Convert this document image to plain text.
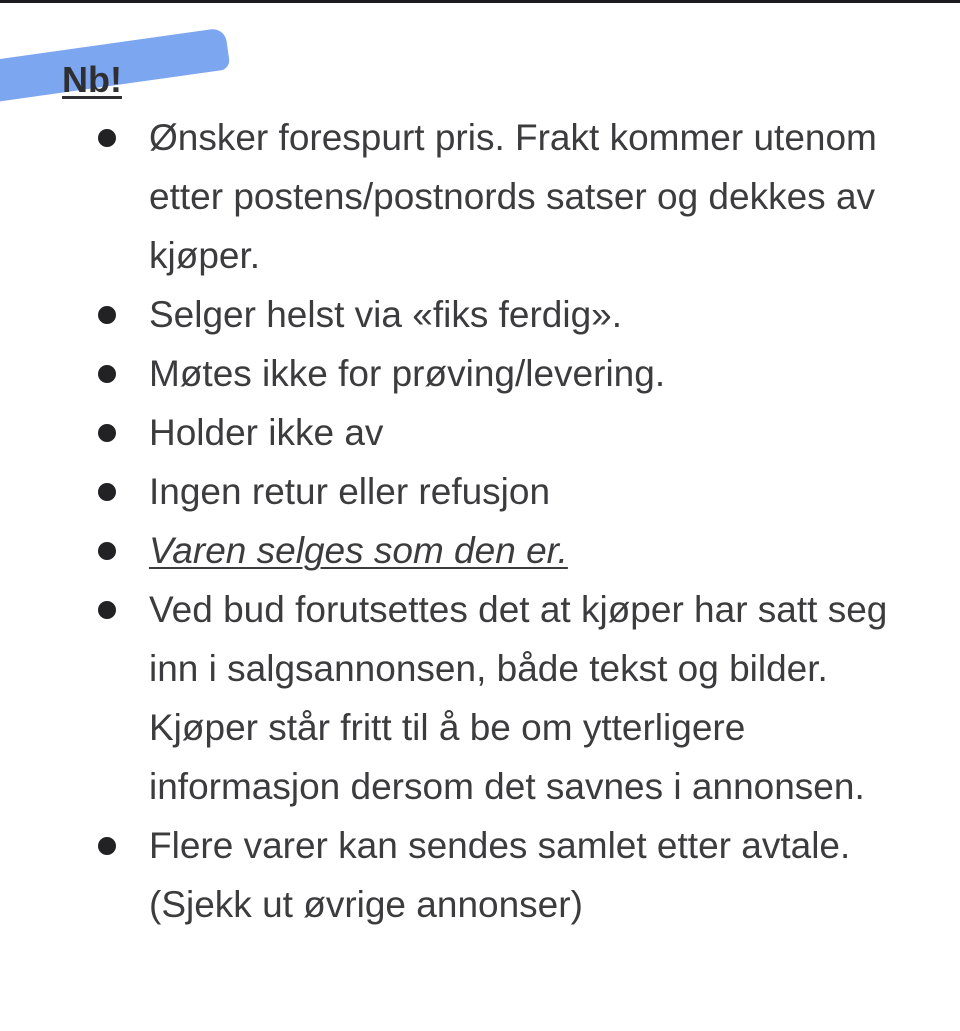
Nb!
Ønsker forespurt pris. Frakt kommer utenom etter postens/postnords satser og dekkes av kjøper.
Selger helst via «fiks ferdig».
Møtes ikke for prøving/levering.
Holder ikke av
Ingen retur eller refusjon
Varen selges som den er.
Ved bud forutsettes det at kjøper har satt seg inn i salgsannonsen, både tekst og bilder. Kjøper står fritt til å be om ytterligere informasjon dersom det savnes i annonsen.
Flere varer kan sendes samlet etter avtale. (Sjekk ut øvrige annonser)
